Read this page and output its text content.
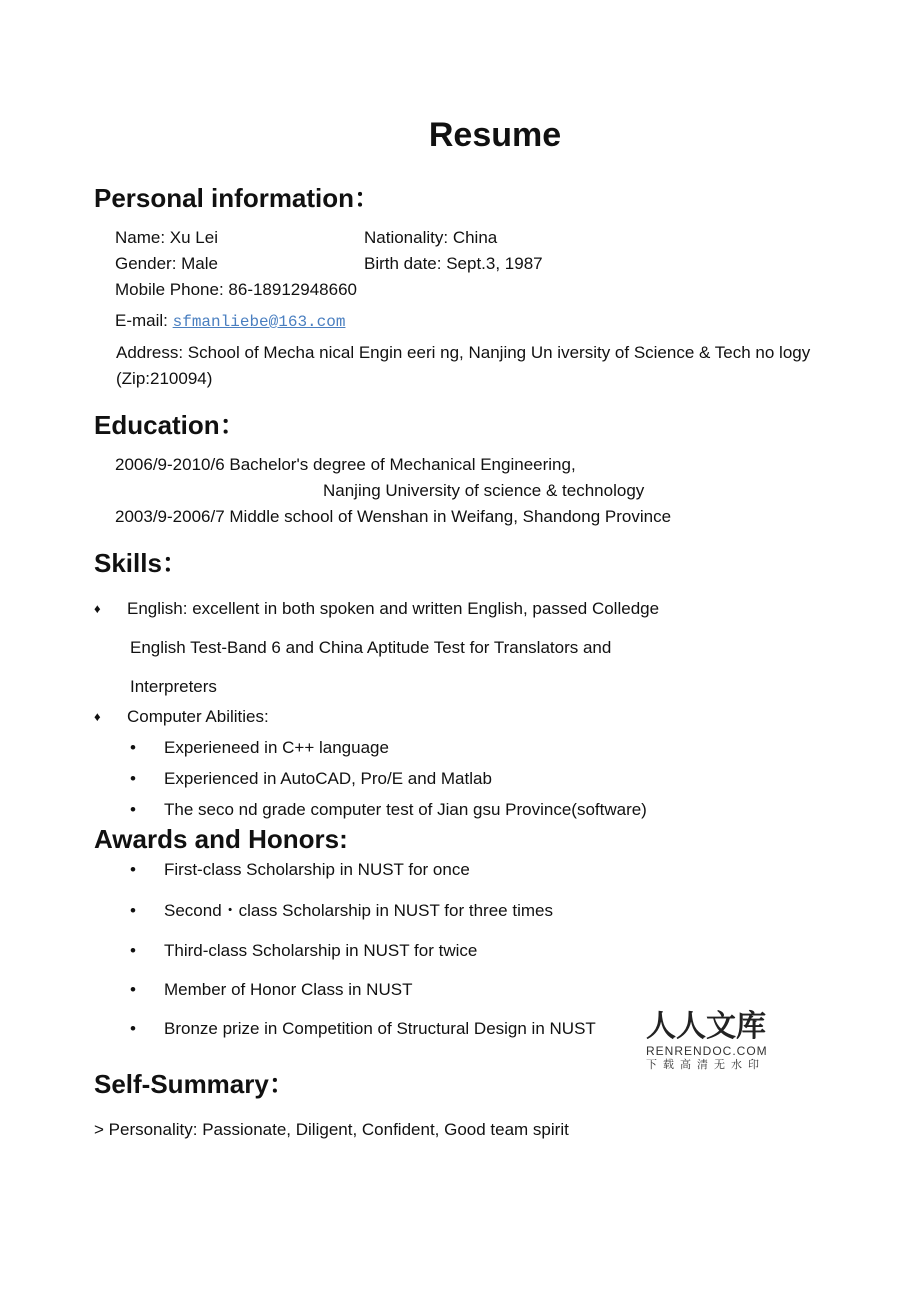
Resume
Personal information：
Name: Xu Lei	Nationality: China
Gender: Male	Birth date: Sept.3, 1987
Mobile Phone: 86-18912948660
E-mail: sfmanliebe@163.com
Address: School of Mecha nical Engin eeri ng, Nanjing Un iversity of Science & Tech no logy
(Zip:210094)
Education：
2006/9-2010/6 Bachelor's degree of Mechanical Engineering,
Nanjing University of science & technology
2003/9-2006/7 Middle school of Wenshan in Weifang, Shandong Province
Skills：
♦ English: excellent in both spoken and written English, passed Colledge
English Test-Band 6 and China Aptitude Test for Translators and
Interpreters
♦ Computer Abilities:
• Experieneed in C++ language
• Experienced in AutoCAD, Pro/E and Matlab
• The seco nd grade computer test of Jian gsu Province(software)
Awards and Honors:
• First-class Scholarship in NUST for once
• Second・class Scholarship in NUST for three times
• Third-class Scholarship in NUST for twice
• Member of Honor Class in NUST
• Bronze prize in Competition of Structural Design in NUST 人人文库
RENRENDOC.COM
下载高清无水印
Self-Summary：
> Personality: Passionate, Diligent, Confident, Good team spirit
